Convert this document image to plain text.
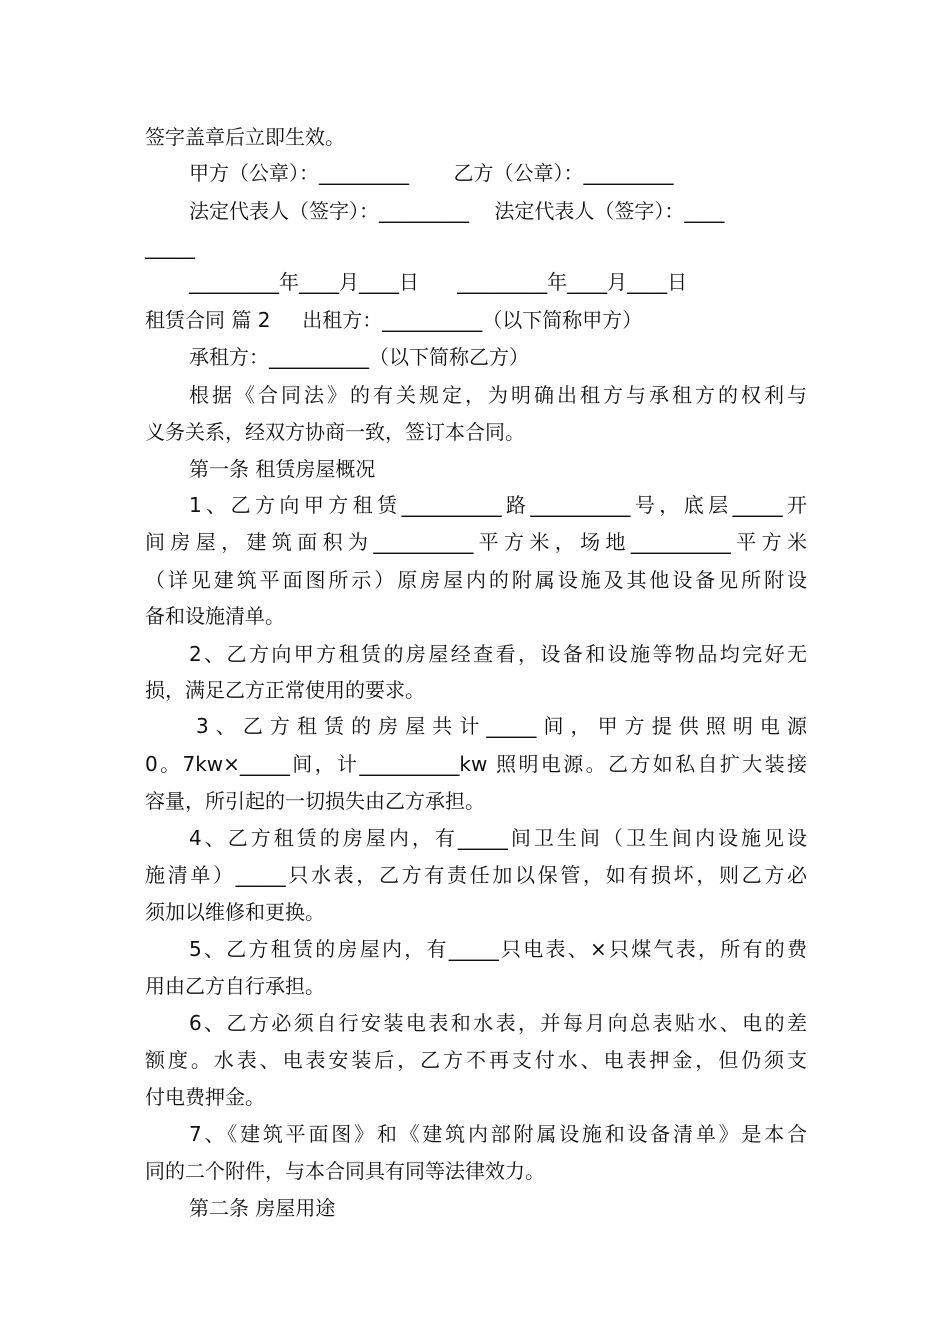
签字盖章后立即生效。

甲方（公章）：_________       乙方（公章）：_________

法定代表人（签字）：_________    法定代表人（签字）：____

_____

_________年____月____日      _________年____月____日

租赁合同 篇 2     出租方：__________（以下简称甲方）

承租方：__________（以下简称乙方）

根据《合同法》的有关规定，为明确出租方与承租方的权利与

义务关系，经双方协商一致，签订本合同。

第一条 租赁房屋概况

1、乙方向甲方租赁__________路__________号，底层_____开

间房屋，建筑面积为__________平方米，场地__________平方米

（详见建筑平面图所示）原房屋内的附属设施及其他设备见所附设

备和设施清单。

2、乙方向甲方租赁的房屋经查看，设备和设施等物品均完好无

损，满足乙方正常使用的要求。

3、乙方租赁的房屋共计_____间，甲方提供照明电源

0。7kw×_____间，计__________kw 照明电源。乙方如私自扩大装接

容量，所引起的一切损失由乙方承担。

4、乙方租赁的房屋内，有_____间卫生间（卫生间内设施见设

施清单）_____只水表，乙方有责任加以保管，如有损坏，则乙方必

须加以维修和更换。

5、乙方租赁的房屋内，有_____只电表、×只煤气表，所有的费

用由乙方自行承担。

6、乙方必须自行安装电表和水表，并每月向总表贴水、电的差

额度。水表、电表安装后，乙方不再支付水、电表押金，但仍须支

付电费押金。

7、《建筑平面图》和《建筑内部附属设施和设备清单》是本合

同的二个附件，与本合同具有同等法律效力。

第二条 房屋用途
